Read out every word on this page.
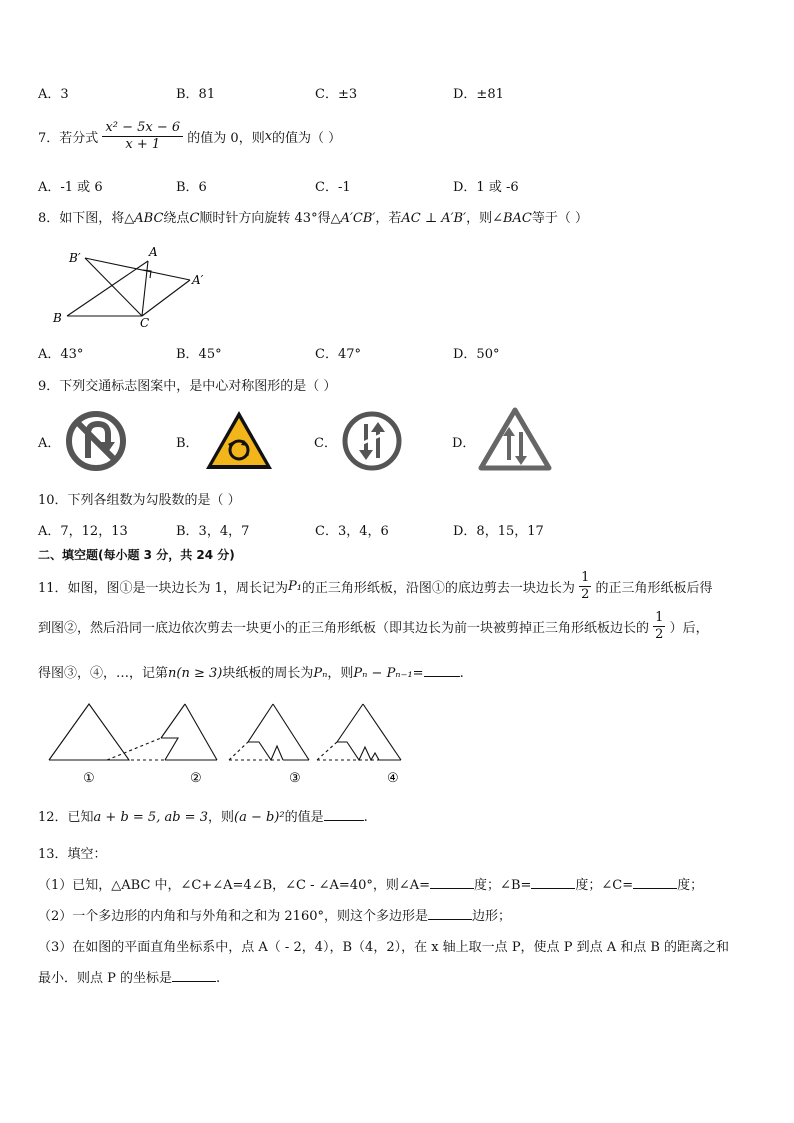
A．3	B．81	C．±3	D．±81
7．若分式 $\frac{\text{x² − 5x − 6}}{x + 1}$ 的值为 0，则x的值为（ ）
A．-1 或 6	B．6	C．-1	D．1 或 -6
8．如下图，将△ABC绕点C顺时针方向旋转 43°得△A′CB′，若AC ⊥ A′B′，则∠BAC等于（ ）
B′	A
A′
B	C
A．43°	B．45°	C．47°	D．50°
9．下列交通标志图案中，是中心对称图形的是（ ）
A．	B．	C．	D．
10．下列各组数为勾股数的是（ ）
A．7，12，13	B．3，4，7	C．3，4，6	D．8，15，17
二、填空题(每小题 3 分，共 24 分)
11．如图，图①是一块边长为 1，周长记为P₁的正三角形纸板，沿图①的底边剪去一块边长为 $\frac{1}{2}$ 的正三角形纸板后得
到图②，然后沿同一底边依次剪去一块更小的正三角形纸板（即其边长为前一块被剪掉正三角形纸板边长的 $\frac{1}{2}$ ）后，
得图③，④，…，记第n(n ≥ 3)块纸板的周长为Pₙ，则Pₙ − Pₙ₋₁=	.
①	②	③	④
12．已知a + b = 5, ab = 3，则(a − b)²的值是	.
13．填空：
（1）已知，△ABC 中，∠C+∠A=4∠B，∠C - ∠A=40°，则∠A=	度；∠B=	度；∠C=	度；
（2）一个多边形的内角和与外角和之和为 2160°，则这个多边形是	边形；
（3）在如图的平面直角坐标系中，点 A（ - 2，4），B（4，2），在 x 轴上取一点 P，使点 P 到点 A 和点 B 的距离之和
最小．则点 P 的坐标是	.
